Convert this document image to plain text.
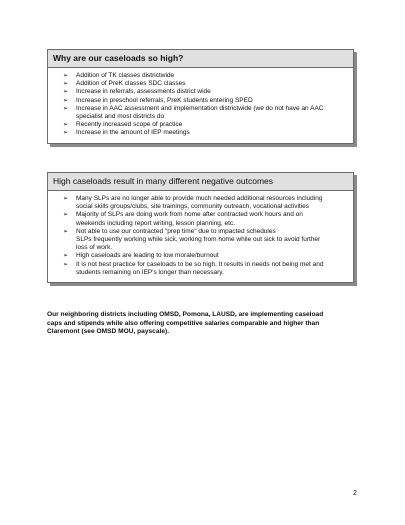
Why are our caseloads so high?
➢ Addition of TK classes districtwide
➢ Addition of PreK classes SDC classes
➢ Increase in referrals, assessments district wide
➢ Increase in preschool referrals, PreK students entering SPED
➢ Increase in AAC assessment and implementation districtwide (we do not have an AAC
specialist and most districts do
➢ Recently increased scope of practice
➢ Increase in the amount of IEP meetings
High caseloads result in many different negative outcomes
➢ Many SLPs are no longer able to provide much needed additional resources including
social skills groups/clubs, site trainings, community outreach, vocational activities
➢ Majority of SLPs are doing work from home after contracted work hours and on
weekends including report writing, lesson planning, etc.
➢ Not able to use our contracted "prep time" due to impacted schedules
SLPs frequently working while sick, working from home while out sick to avoid further
loss of work.
➢ High caseloads are leading to low morale/burnout
➢ It is not best practice for caseloads to be so high. It results in needs not being met and
students remaining on IEP's longer than necessary.
Our neighboring districts including OMSD, Pomona, LAUSD, are implementing caseload
caps and stipends while also offering competitive salaries comparable and higher than
Claremont (see OMSD MOU, payscale).
2
